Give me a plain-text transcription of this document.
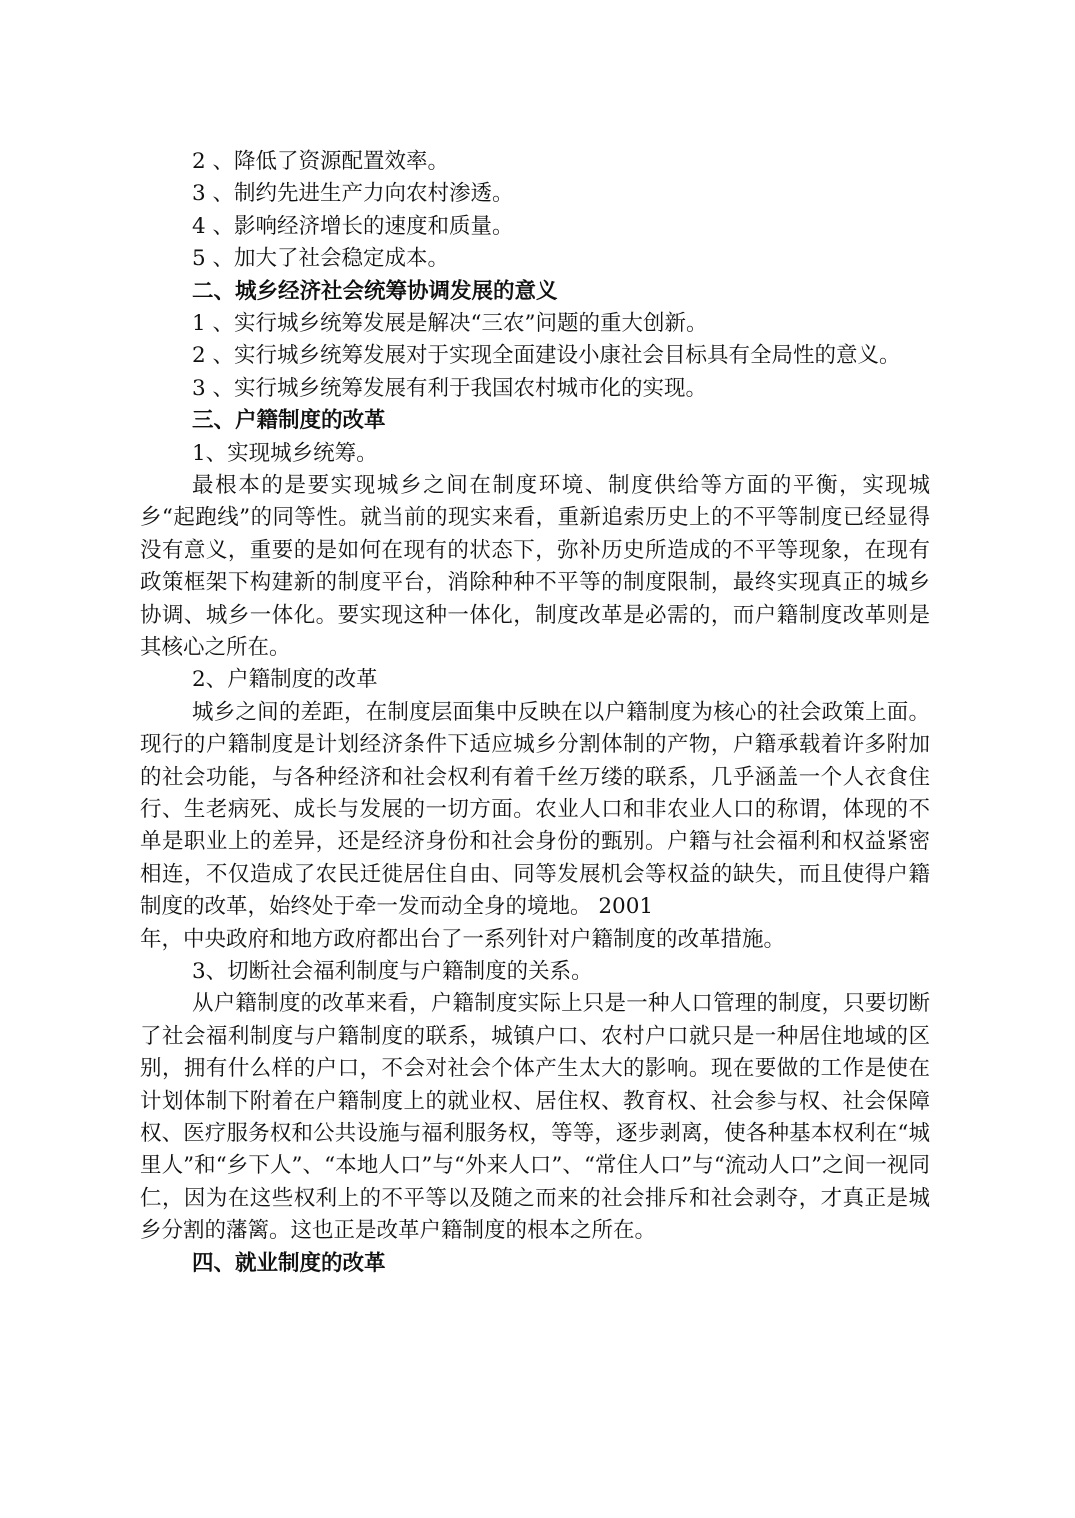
2 、降低了资源配置效率。

3 、制约先进生产力向农村渗透。

4 、影响经济增长的速度和质量。

5 、加大了社会稳定成本。

二、城乡经济社会统筹协调发展的意义

1 、实行城乡统筹发展是解决“三农”问题的重大创新。

2 、实行城乡统筹发展对于实现全面建设小康社会目标具有全局性的意义。

3 、实行城乡统筹发展有利于我国农村城市化的实现。

三、户籍制度的改革

1、实现城乡统筹。

最根本的是要实现城乡之间在制度环境、制度供给等方面的平衡，实现城乡“起跑线”的同等性。就当前的现实来看，重新追索历史上的不平等制度已经显得没有意义，重要的是如何在现有的状态下，弥补历史所造成的不平等现象，在现有政策框架下构建新的制度平台，消除种种不平等的制度限制，最终实现真正的城乡协调、城乡一体化。要实现这种一体化，制度改革是必需的，而户籍制度改革则是其核心之所在。

2、户籍制度的改革

城乡之间的差距，在制度层面集中反映在以户籍制度为核心的社会政策上面。现行的户籍制度是计划经济条件下适应城乡分割体制的产物，户籍承载着许多附加的社会功能，与各种经济和社会权利有着千丝万缕的联系，几乎涵盖一个人衣食住行、生老病死、成长与发展的一切方面。农业人口和非农业人口的称谓，体现的不单是职业上的差异，还是经济身份和社会身份的甄别。户籍与社会福利和权益紧密相连，不仅造成了农民迁徙居住自由、同等发展机会等权益的缺失，而且使得户籍制度的改革，始终处于牵一发而动全身的境地。 2001

年，中央政府和地方政府都出台了一系列针对户籍制度的改革措施。

3、切断社会福利制度与户籍制度的关系。

从户籍制度的改革来看，户籍制度实际上只是一种人口管理的制度，只要切断了社会福利制度与户籍制度的联系，城镇户口、农村户口就只是一种居住地域的区别，拥有什么样的户口，不会对社会个体产生太大的影响。现在要做的工作是使在计划体制下附着在户籍制度上的就业权、居住权、教育权、社会参与权、社会保障权、医疗服务权和公共设施与福利服务权，等等，逐步剥离，使各种基本权利在“城里人”和“乡下人”、“本地人口”与“外来人口”、“常住人口”与“流动人口”之间一视同仁，因为在这些权利上的不平等以及随之而来的社会排斥和社会剥夺，才真正是城乡分割的藩篱。这也正是改革户籍制度的根本之所在。

四、就业制度的改革
